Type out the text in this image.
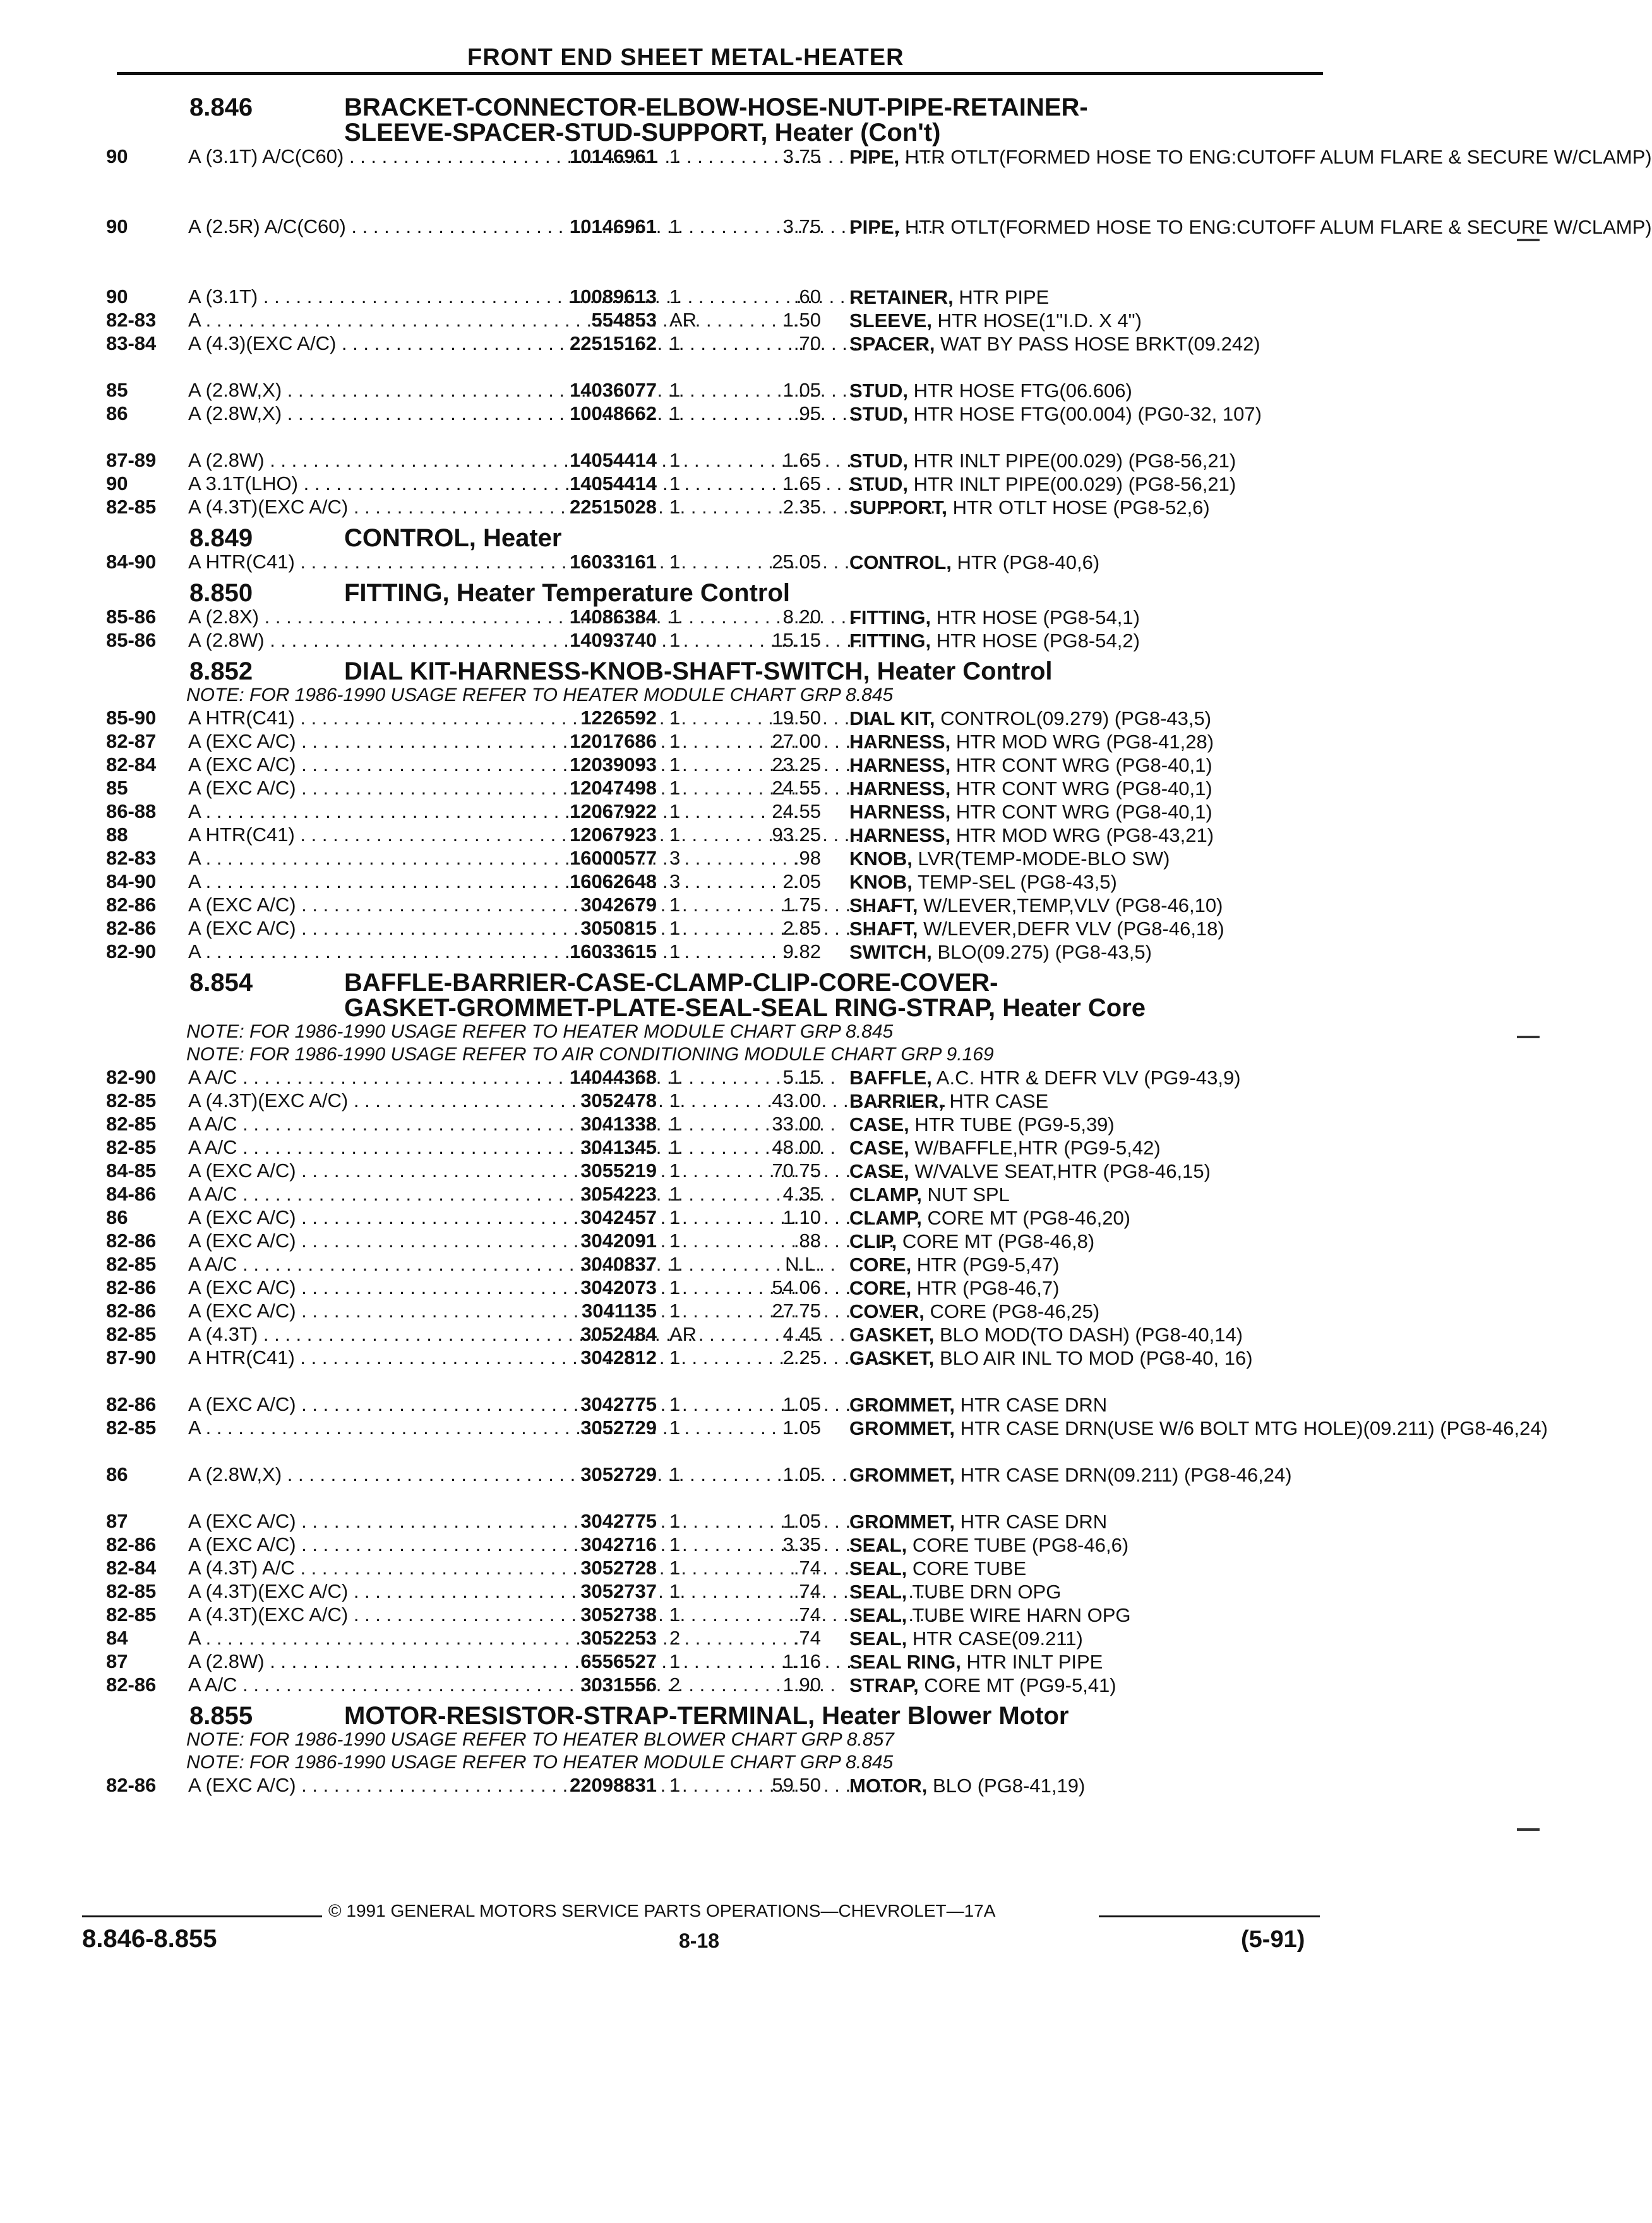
FRONT END SHEET METAL-HEATER
8.846	BRACKET-CONNECTOR-ELBOW-HOSE-NUT-PIPE-RETAINER-
SLEEVE-SPACER-STUD-SUPPORT, Heater (Con't)
90	A (3.1T) A/C(C60) . . .	10146961 1	3.75 PIPE, HTR OTLT(FORMED HOSE TO ENG:CUTOFF ALUM FLARE & SECURE W/CLAMP)
90	A (2.5R) A/C(C60) . . .	10146961 1	3.75 PIPE, HTR OTLT(FORMED HOSE TO ENG:CUTOFF ALUM FLARE & SECURE W/CLAMP)
90	A (3.1T) . . .	10089613 1	.60 RETAINER, HTR PIPE
82-83 A . . .	554853 AR	1.50 SLEEVE, HTR HOSE(1"I.D. X 4")
83-84 A (4.3)(EXC A/C) . . .	22515162 1	.70 SPACER, WAT BY PASS HOSE BRKT(09.242)
85	A (2.8W,X) . . .	14036077 1	1.05 STUD, HTR HOSE FTG(06.606)
86	A (2.8W,X) . . .	10048662 1	.95 STUD, HTR HOSE FTG(00.004) (PG0-32, 107)
87-89 A (2.8W) . . .	14054414 1	1.65 STUD, HTR INLT PIPE(00.029) (PG8-56,21)
90	A 3.1T(LHO) . . .	14054414 1	1.65 STUD, HTR INLT PIPE(00.029) (PG8-56,21)
82-85 A (4.3T)(EXC A/C) . . .	22515028 1	2.35 SUPPORT, HTR OTLT HOSE (PG8-52,6)
8.849	CONTROL, Heater
84-90 A HTR(C41) . . .	16033161 1	25.05 CONTROL, HTR (PG8-40,6)
8.850	FITTING, Heater Temperature Control
85-86 A (2.8X) . . .	14086384 1	8.20 FITTING, HTR HOSE (PG8-54,1)
85-86 A (2.8W) . . .	14093740 1	15.15 FITTING, HTR HOSE (PG8-54,2)
8.852	DIAL KIT-HARNESS-KNOB-SHAFT-SWITCH, Heater Control
NOTE: FOR 1986-1990 USAGE REFER TO HEATER MODULE CHART GRP 8.845
85-90 A HTR(C41) . . .	1226592 1	19.50 DIAL KIT, CONTROL(09.279) (PG8-43,5)
82-87 A (EXC A/C) . . .	12017686 1	27.00 HARNESS, HTR MOD WRG (PG8-41,28)
82-84 A (EXC A/C) . . .	12039093 1	23.25 HARNESS, HTR CONT WRG (PG8-40,1)
85	A (EXC A/C) . . .	12047498 1	24.55 HARNESS, HTR CONT WRG (PG8-40,1)
86-88 A . . .	12067922 1	24.55 HARNESS, HTR CONT WRG (PG8-40,1)
88	A HTR(C41) . . .	12067923 1	93.25 HARNESS, HTR MOD WRG (PG8-43,21)
82-83 A . . .	16000577 3	.98 KNOB, LVR(TEMP-MODE-BLO SW)
84-90 A . . .	16062648 3	2.05 KNOB, TEMP-SEL (PG8-43,5)
82-86 A (EXC A/C) . . .	3042679 1	1.75 SHAFT, W/LEVER,TEMP,VLV (PG8-46,10)
82-86 A (EXC A/C) . . .	3050815 1	2.85 SHAFT, W/LEVER,DEFR VLV (PG8-46,18)
82-90 A . . .	16033615 1	9.82 SWITCH, BLO(09.275) (PG8-43,5)
8.854	BAFFLE-BARRIER-CASE-CLAMP-CLIP-CORE-COVER-
GASKET-GROMMET-PLATE-SEAL-SEAL RING-STRAP, Heater Core
NOTE: FOR 1986-1990 USAGE REFER TO HEATER MODULE CHART GRP 8.845
NOTE: FOR 1986-1990 USAGE REFER TO AIR CONDITIONING MODULE CHART GRP 9.169
82-90 A A/C . . .	14044368 1	5.15 BAFFLE, A.C. HTR & DEFR VLV (PG9-43,9)
82-85 A (4.3T)(EXC A/C) . . .	3052478 1	43.00 BARRIER, HTR CASE
82-85 A A/C . . .	3041338 1	33.00 CASE, HTR TUBE (PG9-5,39)
82-85 A A/C . . .	3041345 1	48.00 CASE, W/BAFFLE,HTR (PG9-5,42)
84-85 A (EXC A/C) . . .	3055219 1	70.75 CASE, W/VALVE SEAT,HTR (PG8-46,15)
84-86 A A/C . . .	3054223 1	4.35 CLAMP, NUT SPL
86	A (EXC A/C) . . .	3042457 1	1.10 CLAMP, CORE MT (PG8-46,20)
82-86 A (EXC A/C) . . .	3042091 1	.88 CLIP, CORE MT (PG8-46,8)
82-85 A A/C . . .	3040837 1	N.L. CORE, HTR (PG9-5,47)
82-86 A (EXC A/C) . . .	3042073 1	54.06 CORE, HTR (PG8-46,7)
82-86 A (EXC A/C) . . .	3041135 1	27.75 COVER, CORE (PG8-46,25)
82-85 A (4.3T) . . .	3052484 AR	4.45 GASKET, BLO MOD(TO DASH) (PG8-40,14)
87-90 A HTR(C41) . . .	3042812 1	2.25 GASKET, BLO AIR INL TO MOD (PG8-40, 16)
82-86 A (EXC A/C) . . .	3042775 1	1.05 GROMMET, HTR CASE DRN
82-85 A . . .	3052729 1	1.05 GROMMET, HTR CASE DRN(USE W/6 BOLT MTG HOLE)(09.211) (PG8-46,24)
86	A (2.8W,X) . . .	3052729 1	1.05 GROMMET, HTR CASE DRN(09.211) (PG8-46,24)
87	A (EXC A/C) . . .	3042775 1	1.05 GROMMET, HTR CASE DRN
82-86 A (EXC A/C) . . .	3042716 1	3.35 SEAL, CORE TUBE (PG8-46,6)
82-84 A (4.3T) A/C . . .	3052728 1	.74 SEAL, CORE TUBE
82-85 A (4.3T)(EXC A/C) . . .	3052737 1	.74 SEAL, TUBE DRN OPG
82-85 A (4.3T)(EXC A/C) . . .	3052738 1	.74 SEAL, TUBE WIRE HARN OPG
84	A . . .	3052253 2	.74 SEAL, HTR CASE(09.211)
87	A (2.8W) . . .	6556527 1	1.16 SEAL RING, HTR INLT PIPE
82-86 A A/C . . .	3031556 2	1.90 STRAP, CORE MT (PG9-5,41)
8.855	MOTOR-RESISTOR-STRAP-TERMINAL, Heater Blower Motor
NOTE: FOR 1986-1990 USAGE REFER TO HEATER BLOWER CHART GRP 8.857
NOTE: FOR 1986-1990 USAGE REFER TO HEATER MODULE CHART GRP 8.845
82-86 A (EXC A/C) . . .	22098831 1	59.50 MOTOR, BLO (PG8-41,19)
© 1991 GENERAL MOTORS SERVICE PARTS OPERATIONS—CHEVROLET—17A
8.846-8.855	8-18	(5-91)
